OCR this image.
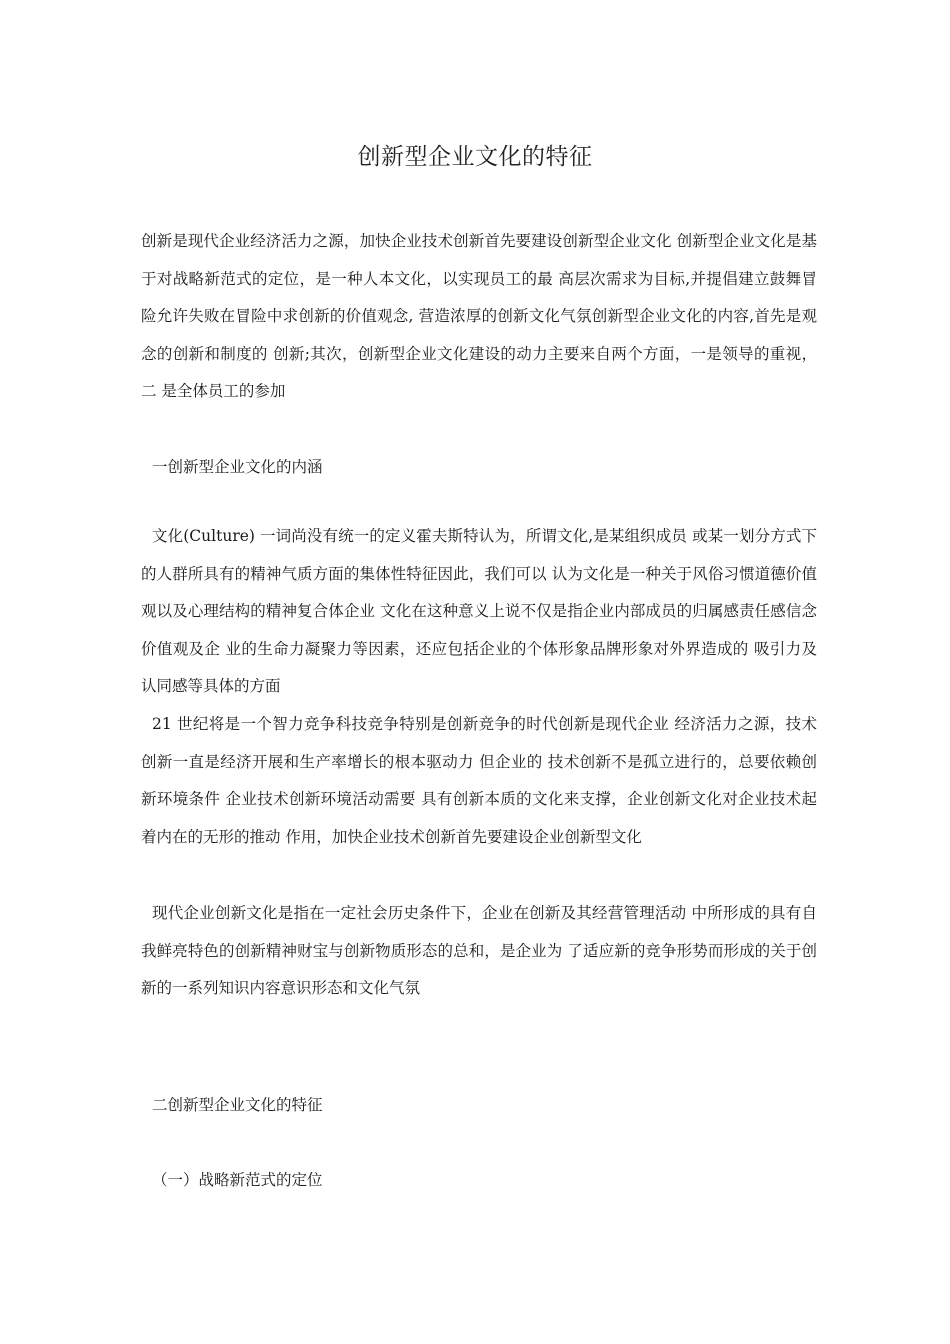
创新型企业文化的特征

创新是现代企业经济活力之源，加快企业技术创新首先要建设创新型企业文化 创新型企业文化是基于对战略新范式的定位，是一种人本文化，以实现员工的最 高层次需求为目标,并提倡建立鼓舞冒险允许失败在冒险中求创新的价值观念, 营造浓厚的创新文化气氛创新型企业文化的内容,首先是观念的创新和制度的 创新;其次，创新型企业文化建设的动力主要来自两个方面，一是领导的重视，二 是全体员工的参加

一创新型企业文化的内涵

文化(Culture) 一词尚没有统一的定义霍夫斯特认为，所谓文化,是某组织成员 或某一划分方式下的人群所具有的精神气质方面的集体性特征因此，我们可以 认为文化是一种关于风俗习惯道德价值观以及心理结构的精神复合体企业 文化在这种意义上说不仅是指企业内部成员的归属感责任感信念价值观及企 业的生命力凝聚力等因素，还应包括企业的个体形象品牌形象对外界造成的 吸引力及认同感等具体的方面

21 世纪将是一个智力竞争科技竞争特别是创新竞争的时代创新是现代企业 经济活力之源，技术创新一直是经济开展和生产率增长的根本驱动力 但企业的 技术创新不是孤立进行的，总要依赖创新环境条件 企业技术创新环境活动需要 具有创新本质的文化来支撑，企业创新文化对企业技术起着内在的无形的推动 作用，加快企业技术创新首先要建设企业创新型文化

现代企业创新文化是指在一定社会历史条件下，企业在创新及其经营管理活动 中所形成的具有自我鲜亮特色的创新精神财宝与创新物质形态的总和，是企业为 了适应新的竞争形势而形成的关于创新的一系列知识内容意识形态和文化气氛

二创新型企业文化的特征

（一）战略新范式的定位
